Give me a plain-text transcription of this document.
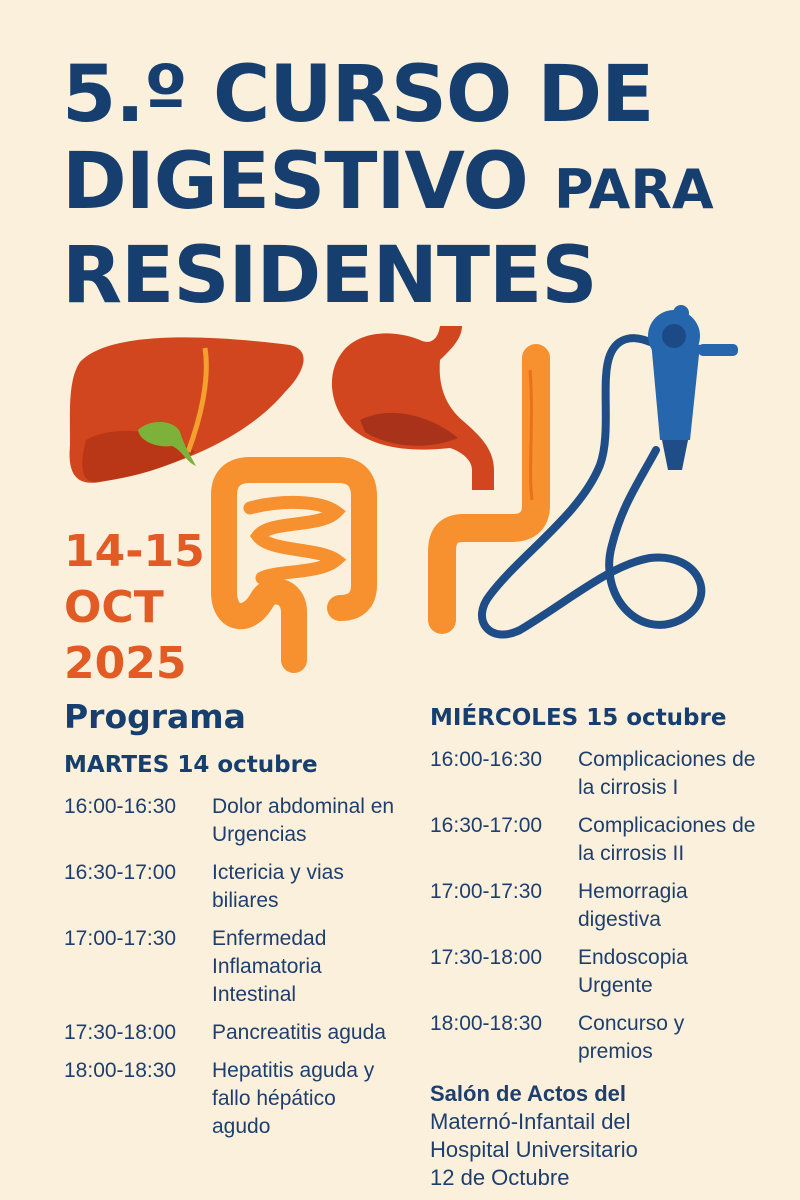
5.º CURSO DE
DIGESTIVO PARA
RESIDENTES
14-15
OCT
2025
Programa
MARTES 14 octubre
16:00-16:30	Dolor abdominal en Urgencias
16:30-17:00	Ictericia y vias biliares
17:00-17:30	Enfermedad Inflamatoria Intestinal
17:30-18:00	Pancreatitis aguda
18:00-18:30	Hepatitis aguda y fallo hépático agudo
MIÉRCOLES 15 octubre
16:00-16:30	Complicaciones de la cirrosis I
16:30-17:00	Complicaciones de la cirrosis II
17:00-17:30	Hemorragia digestiva
17:30-18:00	Endoscopia Urgente
18:00-18:30	Concurso y premios
Salón de Actos del
Maternó-Infantail del
Hospital Universitario
12 de Octubre
